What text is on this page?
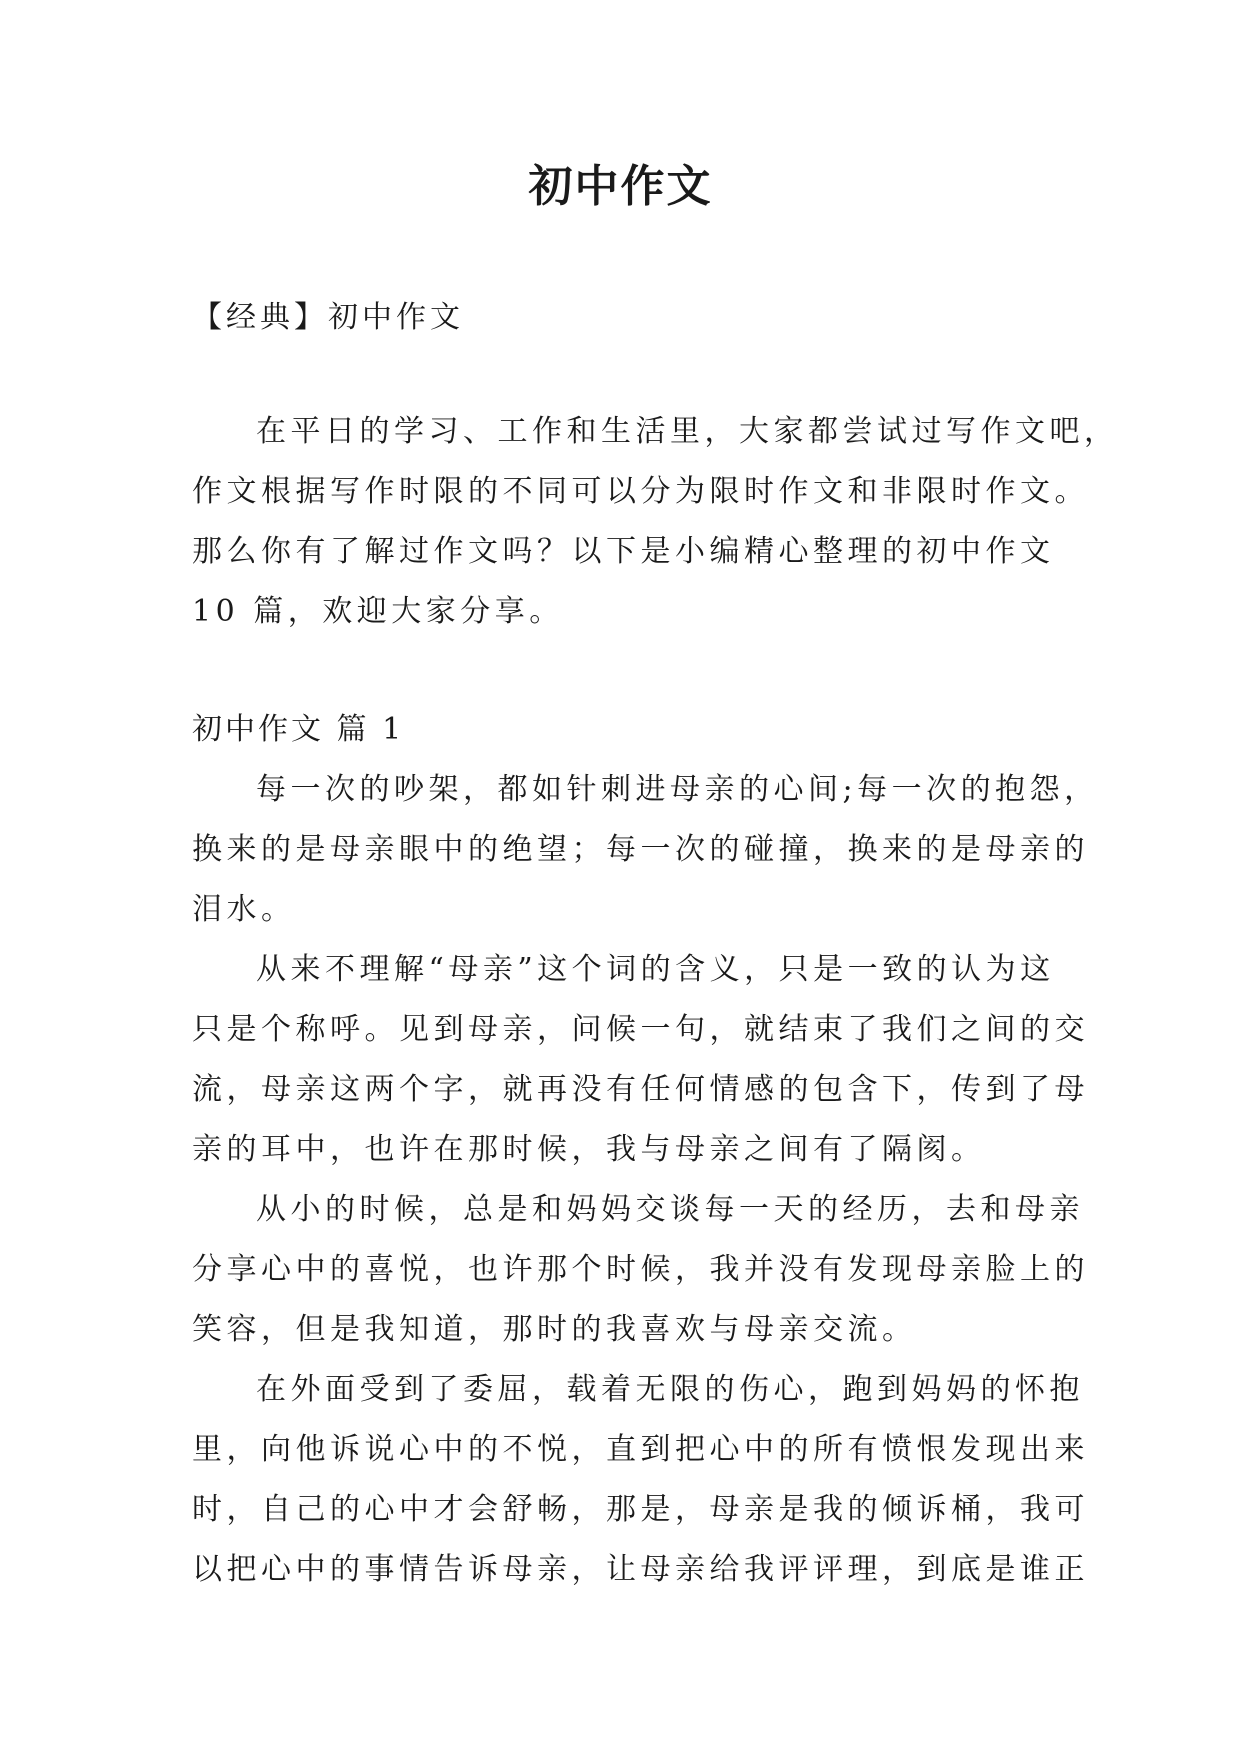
初中作文

【经典】初中作文

在平日的学习、工作和生活里，大家都尝试过写作文吧，
作文根据写作时限的不同可以分为限时作文和非限时作文。
那么你有了解过作文吗？以下是小编精心整理的初中作文
10 篇，欢迎大家分享。
初中作文 篇 1
每一次的吵架，都如针刺进母亲的心间;每一次的抱怨，
换来的是母亲眼中的绝望；每一次的碰撞，换来的是母亲的
泪水。
从来不理解“母亲”这个词的含义，只是一致的认为这
只是个称呼。见到母亲，问候一句，就结束了我们之间的交
流，母亲这两个字，就再没有任何情感的包含下，传到了母
亲的耳中，也许在那时候，我与母亲之间有了隔阂。
从小的时候，总是和妈妈交谈每一天的经历，去和母亲
分享心中的喜悦，也许那个时候，我并没有发现母亲脸上的
笑容，但是我知道，那时的我喜欢与母亲交流。
在外面受到了委屈，载着无限的伤心，跑到妈妈的怀抱
里，向他诉说心中的不悦，直到把心中的所有愤恨发现出来
时，自己的心中才会舒畅，那是，母亲是我的倾诉桶，我可
以把心中的事情告诉母亲，让母亲给我评评理，到底是谁正
